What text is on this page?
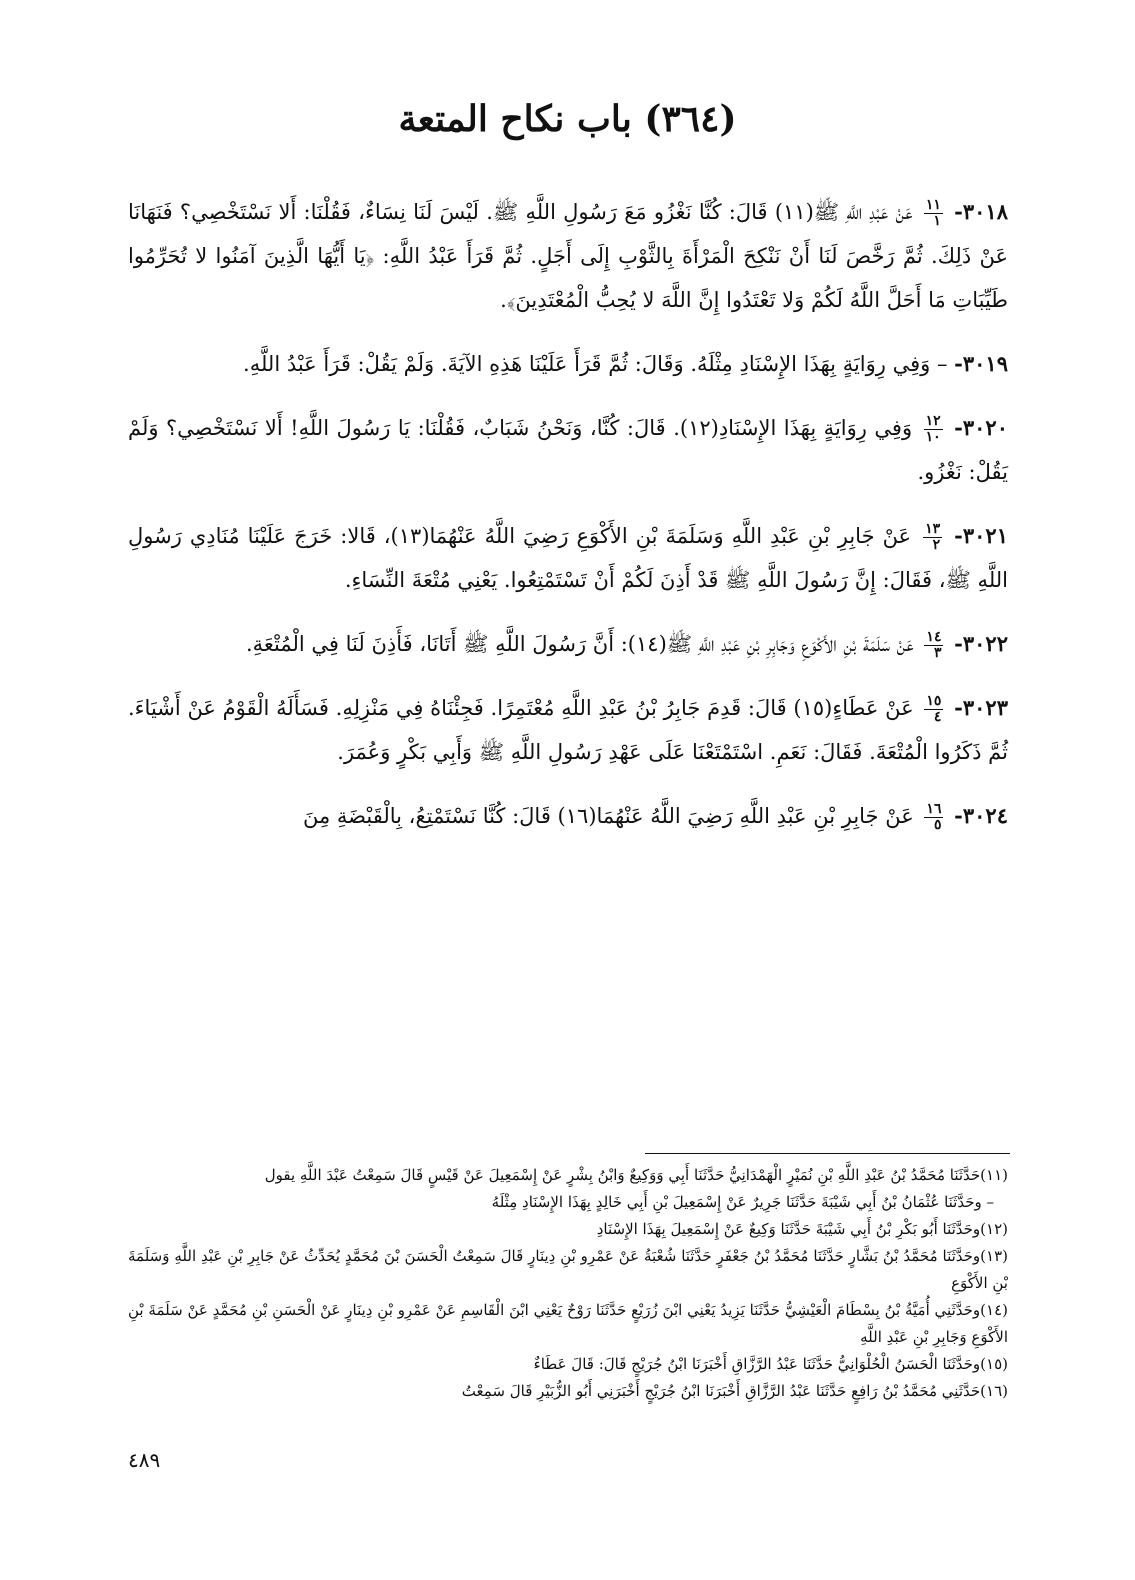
(٣٦٤) باب نكاح المتعة

٣٠١٨-
$\frac{١١}{١}$
عَنْ عَبْدِ اللَّهِ ﷺ(١١) قَالَ: كُنَّا نَغْزُو مَعَ رَسُولِ اللَّهِ ﷺ. لَيْسَ لَنَا نِسَاءٌ، فَقُلْنَا: أَلا نَسْتَخْصِي؟ فَنَهَانَا عَنْ ذَلِكَ. ثُمَّ رَخَّصَ لَنَا أَنْ نَنْكِحَ الْمَرْأَةَ بِالثَّوْبِ إِلَى أَجَلٍ. ثُمَّ قَرَأَ عَبْدُ اللَّهِ: ﴿يَا أَيُّهَا الَّذِينَ آمَنُوا لا تُحَرِّمُوا طَيِّبَاتِ مَا أَحَلَّ اللَّهُ لَكُمْ وَلا تَعْتَدُوا إِنَّ اللَّهَ لا يُحِبُّ الْمُعْتَدِينَ﴾.

٣٠١٩- – وَفِي رِوَايَةٍ بِهَذَا الإِسْنَادِ مِثْلَهُ. وَقَالَ: ثُمَّ قَرَأَ عَلَيْنَا هَذِهِ الآيَةَ. وَلَمْ يَقُلْ: قَرَأَ عَبْدُ اللَّهِ.

٣٠٢٠-
$\frac{١٢}{١٠}$
وَفِي رِوَايَةٍ بِهَذَا الإِسْنَادِ(١٢). قَالَ: كُنَّا، وَنَحْنُ شَبَابٌ، فَقُلْنَا: يَا رَسُولَ اللَّهِ! أَلا نَسْتَخْصِي؟ وَلَمْ يَقُلْ: نَغْزُو.

٣٠٢١-
$\frac{١٣}{٢}$
عَنْ جَابِرِ بْنِ عَبْدِ اللَّهِ وَسَلَمَةَ بْنِ الأَكْوَعِ رَضِيَ اللَّهُ عَنْهُمَا(١٣)، قَالا: خَرَجَ عَلَيْنَا مُنَادِي رَسُولِ اللَّهِ ﷺ، فَقَالَ: إِنَّ رَسُولَ اللَّهِ ﷺ قَدْ أَذِنَ لَكُمْ أَنْ تَسْتَمْتِعُوا. يَعْنِي مُتْعَةَ النِّسَاءِ.

٣٠٢٢-
$\frac{١٤}{٣}$
عَنْ سَلَمَةَ بْنِ الأَكْوَعِ وَجَابِرِ بْنِ عَبْدِ اللَّهِ ﷺ(١٤): أَنَّ رَسُولَ اللَّهِ ﷺ أَتَانَا، فَأَذِنَ لَنَا فِي الْمُتْعَةِ.

٣٠٢٣-
$\frac{١٥}{٤}$
عَنْ عَطَاءٍ(١٥) قَالَ: قَدِمَ جَابِرُ بْنُ عَبْدِ اللَّهِ مُعْتَمِرًا. فَجِئْنَاهُ فِي مَنْزِلِهِ. فَسَأَلَهُ الْقَوْمُ عَنْ أَشْيَاءَ. ثُمَّ ذَكَرُوا الْمُتْعَةَ. فَقَالَ: نَعَمِ. اسْتَمْتَعْنَا عَلَى عَهْدِ رَسُولِ اللَّهِ ﷺ وَأَبِي بَكْرٍ وَعُمَرَ.

٣٠٢٤-
$\frac{١٦}{٥}$
عَنْ جَابِرِ بْنِ عَبْدِ اللَّهِ رَضِيَ اللَّهُ عَنْهُمَا(١٦) قَالَ: كُنَّا نَسْتَمْتِعُ، بِالْقَبْضَةِ مِنَ

(١١)حَدَّثَنَا مُحَمَّدُ بْنُ عَبْدِ اللَّهِ بْنِ نُمَيْرٍ الْهَمْدَانِيُّ حَدَّثَنَا أَبِي وَوَكِيعٌ وَابْنُ بِشْرٍ عَنْ إِسْمَعِيلَ عَنْ قَيْسٍ قَالَ سَمِعْتُ عَبْدَ اللَّهِ يقول

– وحَدَّثَنَا عُثْمَانُ بْنُ أَبِي شَيْبَةَ حَدَّثَنَا جَرِيرٌ عَنْ إِسْمَعِيلَ بْنِ أَبِي خَالِدٍ بِهَذَا الإِسْنَادِ مِثْلَهُ

(١٢)وحَدَّثَنَا أَبُو بَكْرِ بْنُ أَبِي شَيْبَةَ حَدَّثَنَا وَكِيعٌ عَنْ إِسْمَعِيلَ بِهَذَا الإِسْنَادِ

(١٣)وحَدَّثَنَا مُحَمَّدُ بْنُ بَشَّارٍ حَدَّثَنَا مُحَمَّدُ بْنُ جَعْفَرٍ حَدَّثَنَا شُعْبَةُ عَنْ عَمْرِو بْنِ دِينَارٍ قَالَ سَمِعْتُ الْحَسَنَ بْنَ مُحَمَّدٍ يُحَدِّثُ عَنْ جَابِرِ بْنِ عَبْدِ اللَّهِ وَسَلَمَةَ بْنِ الأَكْوَعِ

(١٤)وحَدَّثَنِي أُمَيَّةُ بْنُ بِسْطَامَ الْعَيْشِيُّ حَدَّثَنَا يَزِيدُ يَعْنِي ابْنَ زُرَيْعٍ حَدَّثَنَا رَوْحٌ يَعْنِي ابْنَ الْقَاسِمِ عَنْ عَمْرِو بْنِ دِينَارٍ عَنْ الْحَسَنِ بْنِ مُحَمَّدٍ عَنْ سَلَمَةَ بْنِ الأَكْوَعِ وَجَابِرِ بْنِ عَبْدِ اللَّهِ

(١٥)وحَدَّثَنَا الْحَسَنُ الْحُلْوَانِيُّ حَدَّثَنَا عَبْدُ الرَّزَّاقِ أَخْبَرَنَا ابْنُ جُرَيْجٍ قَالَ: قَالَ عَطَاءٌ

(١٦)حَدَّثَنِي مُحَمَّدُ بْنُ رَافِعٍ حَدَّثَنَا عَبْدُ الرَّزَّاقِ أَخْبَرَنَا ابْنُ جُرَيْجٍ أَخْبَرَنِي أَبُو الزُّبَيْرِ قَالَ سَمِعْتُ

٤٨٩
